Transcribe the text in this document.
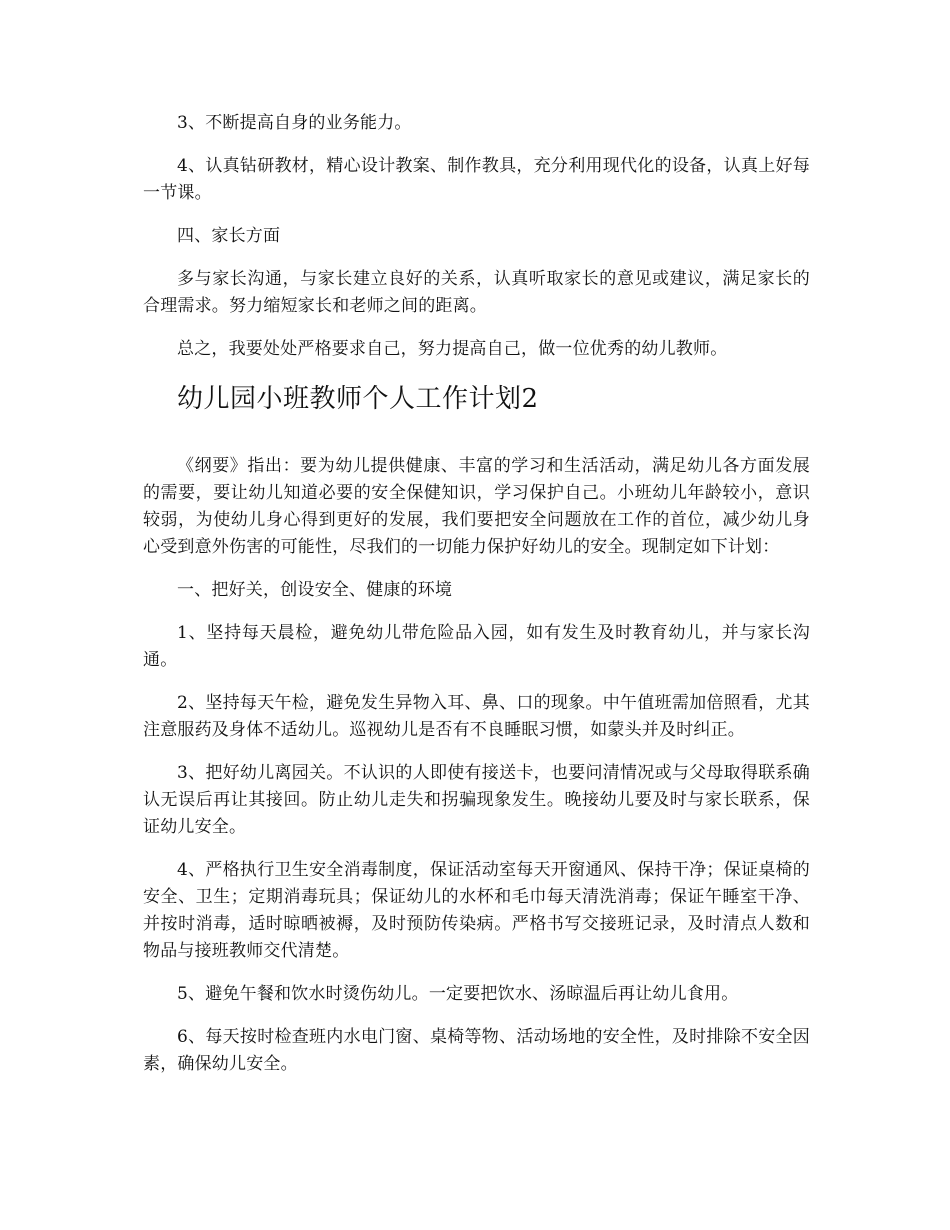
3、不断提高自身的业务能力。

4、认真钻研教材，精心设计教案、制作教具，充分利用现代化的设备，认真上好每一节课。

四、家长方面

多与家长沟通，与家长建立良好的关系，认真听取家长的意见或建议，满足家长的合理需求。努力缩短家长和老师之间的距离。

总之，我要处处严格要求自己，努力提高自己，做一位优秀的幼儿教师。

幼儿园小班教师个人工作计划2

《纲要》指出：要为幼儿提供健康、丰富的学习和生活活动，满足幼儿各方面发展的需要，要让幼儿知道必要的安全保健知识，学习保护自己。小班幼儿年龄较小，意识较弱，为使幼儿身心得到更好的发展，我们要把安全问题放在工作的首位，减少幼儿身心受到意外伤害的可能性，尽我们的一切能力保护好幼儿的安全。现制定如下计划：

一、把好关，创设安全、健康的环境

1、坚持每天晨检，避免幼儿带危险品入园，如有发生及时教育幼儿，并与家长沟通。

2、坚持每天午检，避免发生异物入耳、鼻、口的现象。中午值班需加倍照看，尤其注意服药及身体不适幼儿。巡视幼儿是否有不良睡眠习惯，如蒙头并及时纠正。

3、把好幼儿离园关。不认识的人即使有接送卡，也要问清情况或与父母取得联系确认无误后再让其接回。防止幼儿走失和拐骗现象发生。晚接幼儿要及时与家长联系，保证幼儿安全。

4、严格执行卫生安全消毒制度，保证活动室每天开窗通风、保持干净；保证桌椅的安全、卫生；定期消毒玩具；保证幼儿的水杯和毛巾每天清洗消毒；保证午睡室干净、并按时消毒，适时晾晒被褥，及时预防传染病。严格书写交接班记录，及时清点人数和物品与接班教师交代清楚。

5、避免午餐和饮水时烫伤幼儿。一定要把饮水、汤晾温后再让幼儿食用。

6、每天按时检查班内水电门窗、桌椅等物、活动场地的安全性，及时排除不安全因素，确保幼儿安全。
